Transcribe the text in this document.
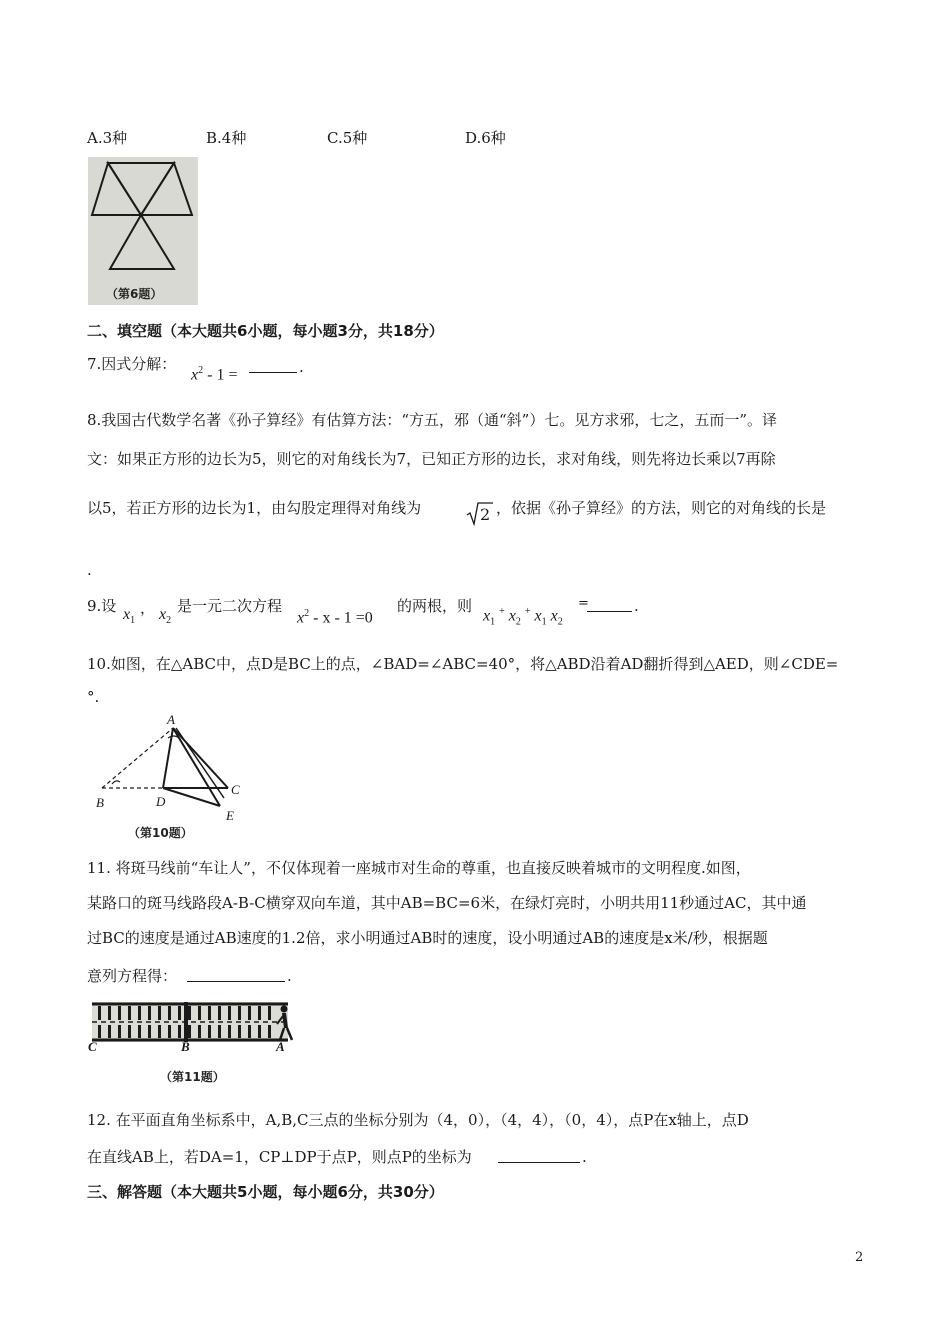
A.3种	B.4种	C.5种	D.6种
（第6题）
二、填空题（本大题共6小题，每小题3分，共18分）
7.因式分解：
$x^2 - 1$ =	.
8.我国古代数学名著《孙子算经》有估算方法：“方五，邪（通“斜”）七。见方求邪，七之，五而一”。译
文：如果正方形的边长为5，则它的对角线长为7，已知正方形的边长，求对角线，则先将边长乘以7再除
以5，若正方形的边长为1，由勾股定理得对角线为	2 ，依据《孙子算经》的方法，则它的对角线的长是
.
9.设 $x_1$
， $x_2$
是一元二次方程
$x^2 - x - 1 =0$
的两根，则
$x_1$ + $x_2$ + $x_1$ $x_2$
=	.
10.如图，在△ABC中，点D是BC上的点，∠BAD=∠ABC=40°，将△ABD沿着AD翻折得到△AED，则∠CDE=
°.
A
B
C
D
E
（第10题）
11. 将斑马线前“车让人”，不仅体现着一座城市对生命的尊重，也直接反映着城市的文明程度.如图，
某路口的斑马线路段A-B-C横穿双向车道，其中AB=BC=6米，在绿灯亮时，小明共用11秒通过AC，其中通
过BC的速度是通过AB速度的1.2倍，求小明通过AB时的速度，设小明通过AB的速度是x米/秒，根据题
意列方程得：	.
C	B	A
（第11题）
12. 在平面直角坐标系中，A,B,C三点的坐标分别为（4，0），（4，4），（0，4），点P在x轴上，点D
在直线AB上，若DA=1，CP⊥DP于点P，则点P的坐标为	.
三、解答题（本大题共5小题，每小题6分，共30分）
2
